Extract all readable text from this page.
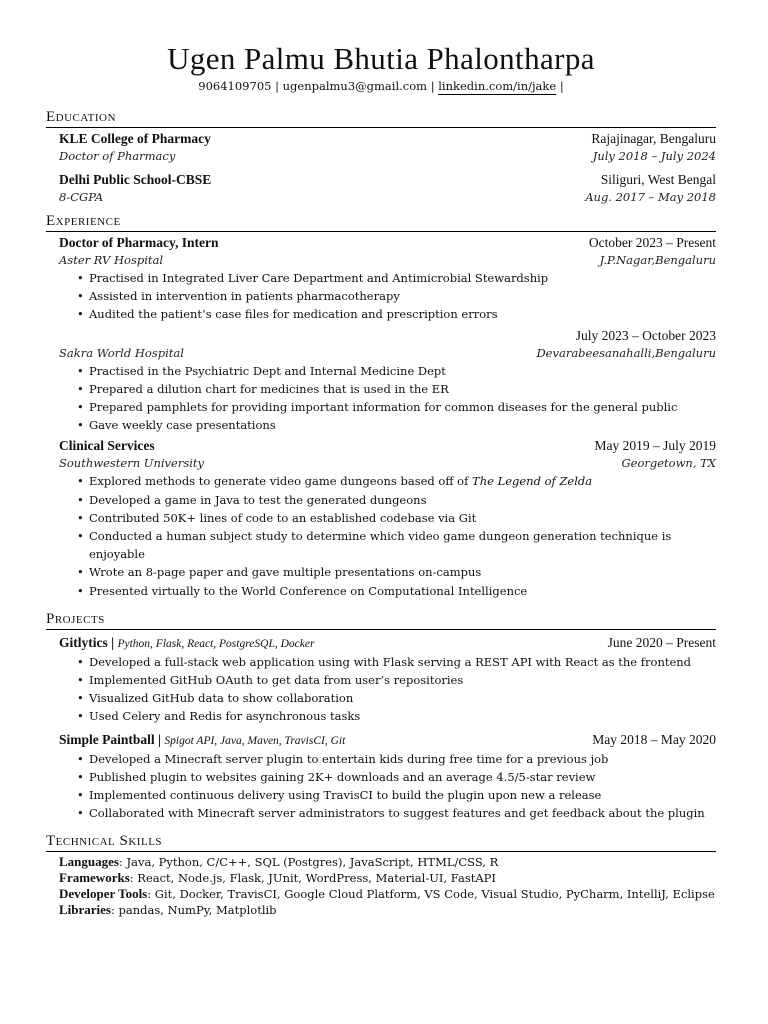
Ugen Palmu Bhutia Phalontharpa
9064109705 | ugenpalmu3@gmail.com | linkedin.com/in/jake |
Education
KLE College of Pharmacy	Rajajinagar, Bengaluru
Doctor of Pharmacy	July 2018 – July 2024
Delhi Public School-CBSE	Siliguri, West Bengal
8-CGPA	Aug. 2017 – May 2018
Experience
Doctor of Pharmacy, Intern	October 2023 – Present
Aster RV Hospital	J.P.Nagar,Bengaluru
• Practised in Integrated Liver Care Department and Antimicrobial Stewardship
• Assisted in intervention in patients pharmacotherapy
• Audited the patient’s case files for medication and prescription errors
July 2023 – October 2023
Sakra World Hospital	Devarabeesanahalli,Bengaluru
• Practised in the Psychiatric Dept and Internal Medicine Dept
• Prepared a dilution chart for medicines that is used in the ER
• Prepared pamphlets for providing important information for common diseases for the general public
• Gave weekly case presentations
Clinical Services	May 2019 – July 2019
Southwestern University	Georgetown, TX
• Explored methods to generate video game dungeons based off of The Legend of Zelda
• Developed a game in Java to test the generated dungeons
• Contributed 50K+ lines of code to an established codebase via Git
• Conducted a human subject study to determine which video game dungeon generation technique is enjoyable
• Wrote an 8-page paper and gave multiple presentations on-campus
• Presented virtually to the World Conference on Computational Intelligence
Projects
Gitlytics | Python, Flask, React, PostgreSQL, Docker	June 2020 – Present
• Developed a full-stack web application using with Flask serving a REST API with React as the frontend
• Implemented GitHub OAuth to get data from user’s repositories
• Visualized GitHub data to show collaboration
• Used Celery and Redis for asynchronous tasks
Simple Paintball | Spigot API, Java, Maven, TravisCI, Git	May 2018 – May 2020
• Developed a Minecraft server plugin to entertain kids during free time for a previous job
• Published plugin to websites gaining 2K+ downloads and an average 4.5/5-star review
• Implemented continuous delivery using TravisCI to build the plugin upon new a release
• Collaborated with Minecraft server administrators to suggest features and get feedback about the plugin
Technical Skills
Languages: Java, Python, C/C++, SQL (Postgres), JavaScript, HTML/CSS, R
Frameworks: React, Node.js, Flask, JUnit, WordPress, Material-UI, FastAPI
Developer Tools: Git, Docker, TravisCI, Google Cloud Platform, VS Code, Visual Studio, PyCharm, IntelliJ, Eclipse
Libraries: pandas, NumPy, Matplotlib
